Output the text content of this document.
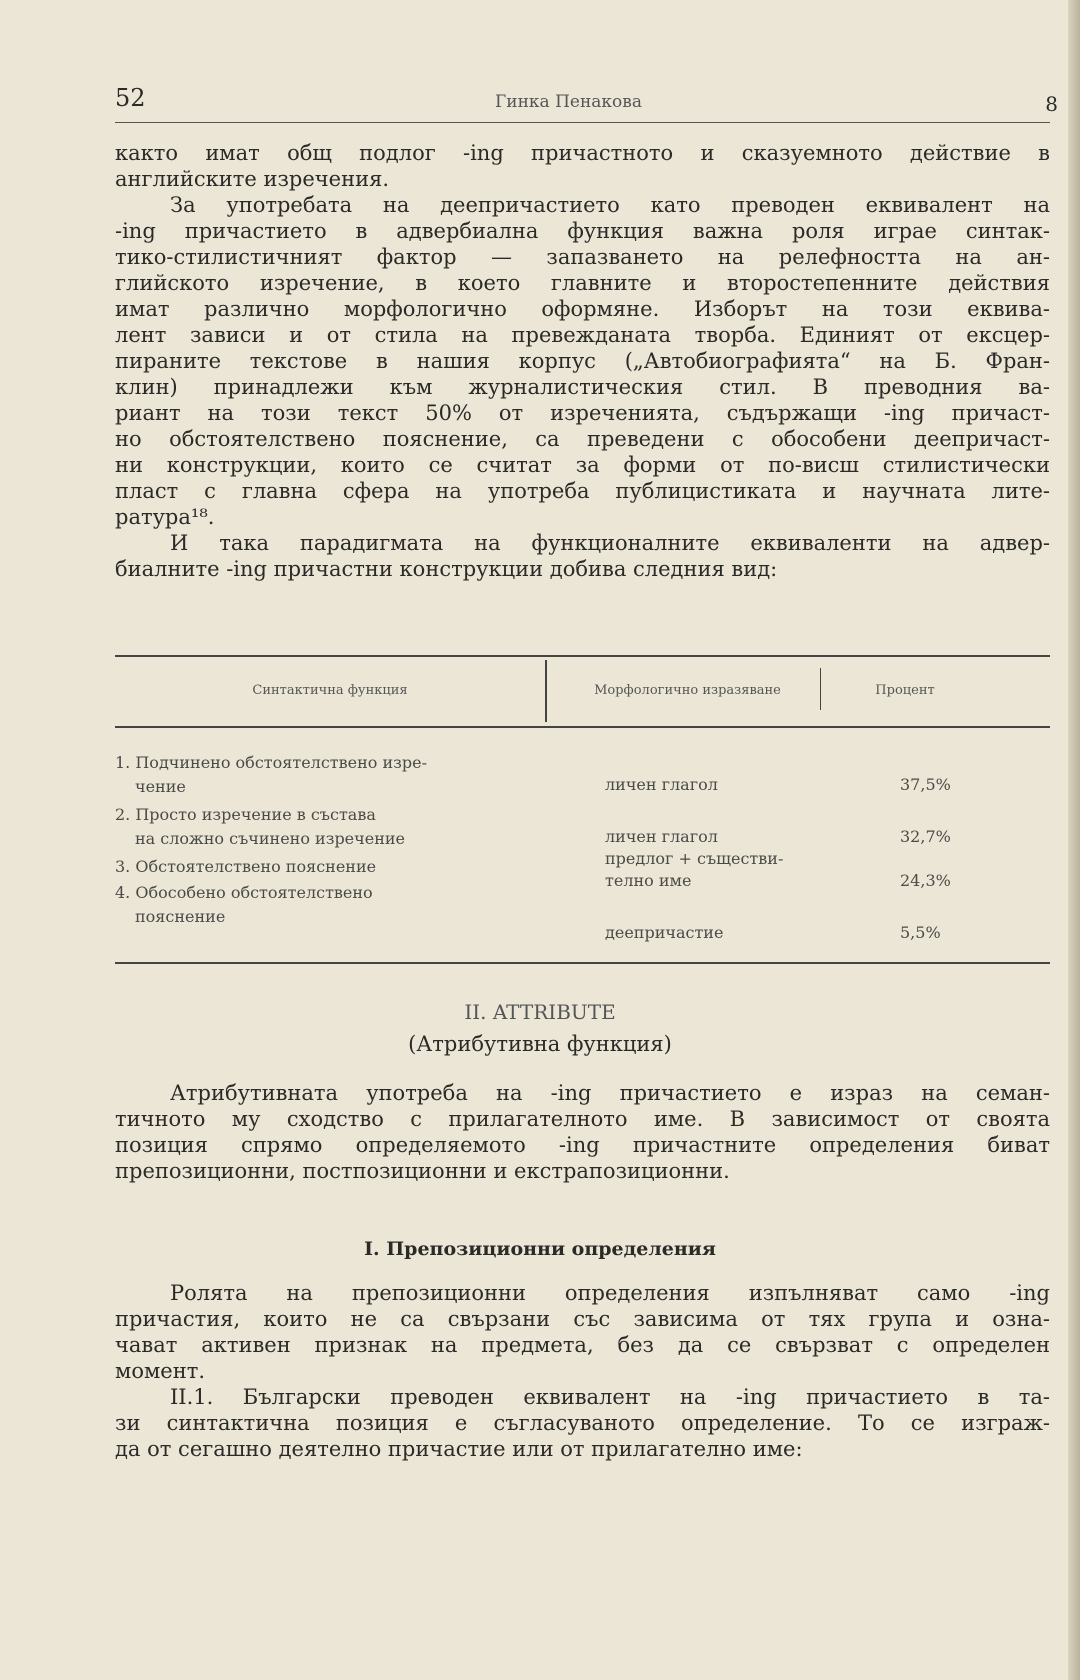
52	Гинка Пенакова	8
както имат общ подлог -ing причастното и сказуемното действие в
английските изречения.
За употребата на деепричастието като преводен еквивалент на
-ing причастието в адвербиална функция важна роля играе синтак-
тико-стилистичният фактор — запазването на релефността на ан-
глийското изречение, в което главните и второстепенните действия
имат различно морфологично оформяне. Изборът на този еквива-
лент зависи и от стила на превежданата творба. Единият от ексцер-
пираните текстове в нашия корпус („Автобиографията“ на Б. Фран-
клин) принадлежи към журналистическия стил. В преводния ва-
риант на този текст 50% от изреченията, съдържащи -ing причаст-
но обстоятелствено пояснение, са преведени с обособени деепричаст-
ни конструкции, които се считат за форми от по-висш стилистически
пласт с главна сфера на употреба публицистиката и научната лите-
ратура¹⁸.
И така парадигмата на функционалните еквиваленти на адвер-
биалните -ing причастни конструкции добива следния вид:
Синтактична функция	Морфологично изразяване	Процент
1. Подчинено обстоятелствено изре-
чение	личен глагол	37,5%
2. Просто изречение в състава
на сложно съчинено изречение	личен глагол	32,7%
3. Обстоятелствено пояснение	предлог + съществи-
телно име	24,3%
4. Обособено обстоятелствено
пояснение
деепричастие	5,5%
II. ATTRIBUTE
(Атрибутивна функция)
Атрибутивната употреба на -ing причастието е израз на семан-
тичното му сходство с прилагателното име. В зависимост от своята
позиция спрямо определяемото -ing причастните определения биват
препозиционни, постпозиционни и екстрапозиционни.
I. Препозиционни определения
Ролята на препозиционни определения изпълняват само -ing
причастия, които не са свързани със зависима от тях група и озна-
чават активен признак на предмета, без да се свързват с определен
момент.
II.1. Български преводен еквивалент на -ing причастието в та-
зи синтактична позиция е съгласуваното определение. То се изграж-
да от сегашно деятелно причастие или от прилагателно име:
